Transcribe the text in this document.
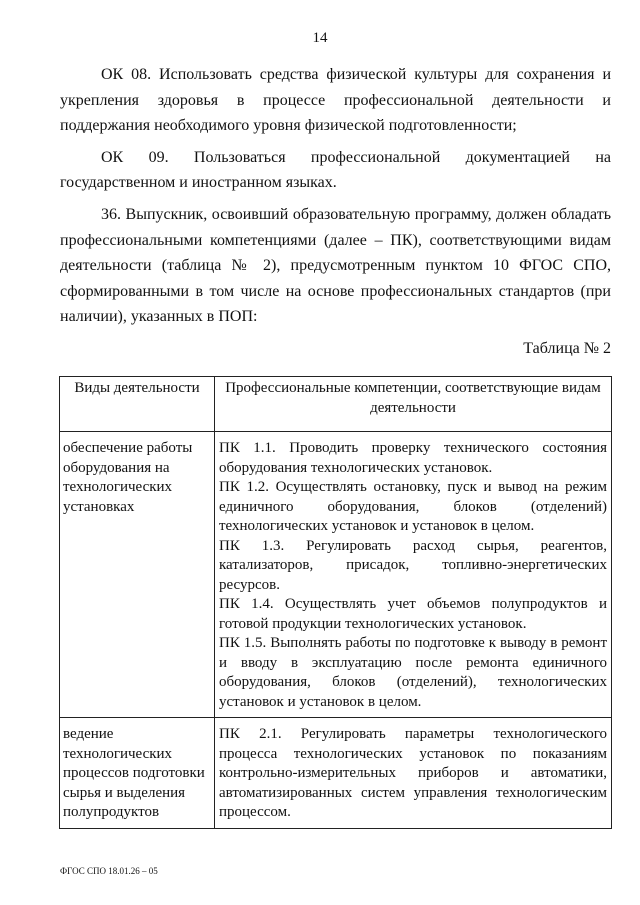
14

ОК 08. Использовать средства физической культуры для сохранения и укрепления здоровья в процессе профессиональной деятельности и поддержания необходимого уровня физической подготовленности;

ОК 09. Пользоваться профессиональной документацией на государственном и иностранном языках.

36. Выпускник, освоивший образовательную программу, должен обладать профессиональными компетенциями (далее – ПК), соответствующими видам деятельности (таблица № 2), предусмотренным пунктом 10 ФГОС СПО, сформированными в том числе на основе профессиональных стандартов (при наличии), указанных в ПОП:

Таблица № 2

Виды деятельности	Профессиональные компетенции, соответствующие видам деятельности
обеспечение работы оборудования на технологических установках	ПК 1.1. Проводить проверку технического состояния оборудования технологических установок.

ПК 1.2. Осуществлять остановку, пуск и вывод на режим единичного оборудования, блоков (отделений) технологических установок и установок в целом.

ПК 1.3. Регулировать расход сырья, реагентов, катализаторов, присадок, топливно-энергетических ресурсов.

ПК 1.4. Осуществлять учет объемов полупродуктов и готовой продукции технологических установок.

ПК 1.5. Выполнять работы по подготовке к выводу в ремонт и вводу в эксплуатацию после ремонта единичного оборудования, блоков (отделений), технологических установок и установок в целом.

ведение технологических процессов подготовки сырья и выделения полупродуктов	ПК 2.1. Регулировать параметры технологического процесса технологических установок по показаниям контрольно-измерительных приборов и автоматики, автоматизированных систем управления технологическим процессом.

ФГОС СПО 18.01.26 – 05
